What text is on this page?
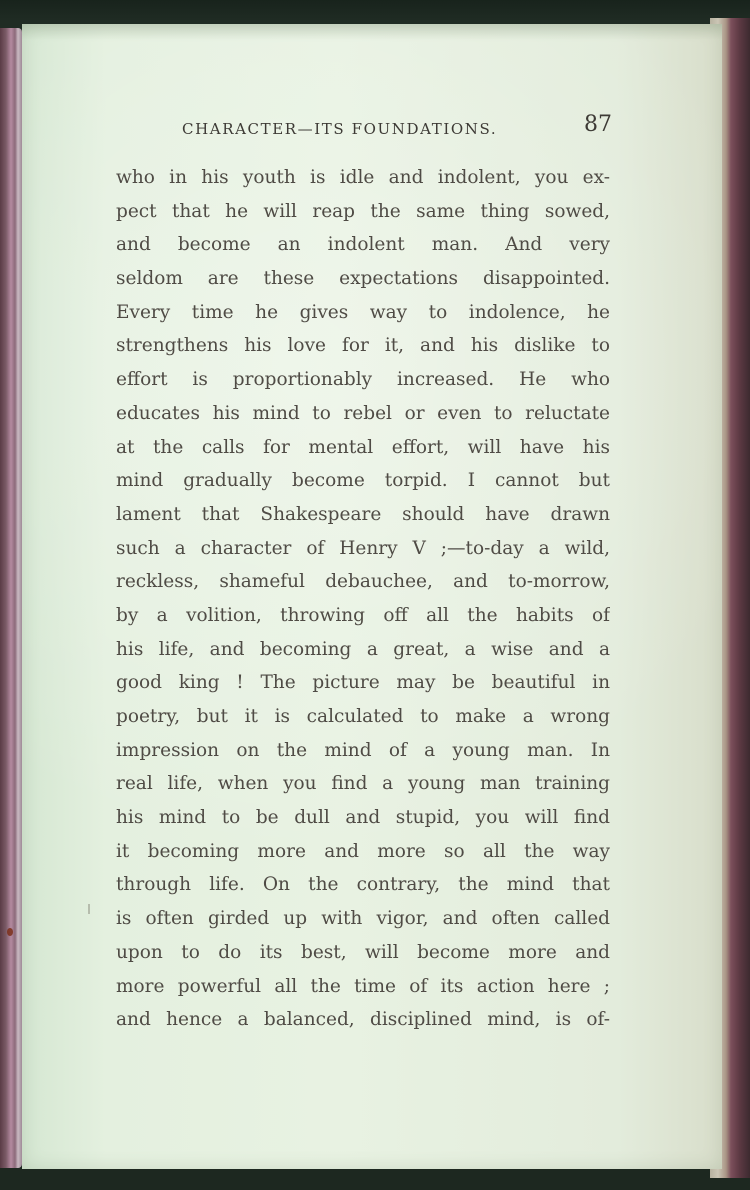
CHARACTER—ITS FOUNDATIONS.	87
who in his youth is idle and indolent, you ex-
pect that he will reap the same thing sowed,
and become an indolent man. And very
seldom are these expectations disappointed.
Every time he gives way to indolence, he
strengthens his love for it, and his dislike to
effort is proportionably increased. He who
educates his mind to rebel or even to reluctate
at the calls for mental effort, will have his
mind gradually become torpid. I cannot but
lament that Shakespeare should have drawn
such a character of Henry V ;—to-day a wild,
reckless, shameful debauchee, and to-morrow,
by a volition, throwing off all the habits of
his life, and becoming a great, a wise and a
good king ! The picture may be beautiful in
poetry, but it is calculated to make a wrong
impression on the mind of a young man. In
real life, when you find a young man training
his mind to be dull and stupid, you will find
it becoming more and more so all the way
through life. On the contrary, the mind that
is often girded up with vigor, and often called
upon to do its best, will become more and
more powerful all the time of its action here ;
and hence a balanced, disciplined mind, is of-
